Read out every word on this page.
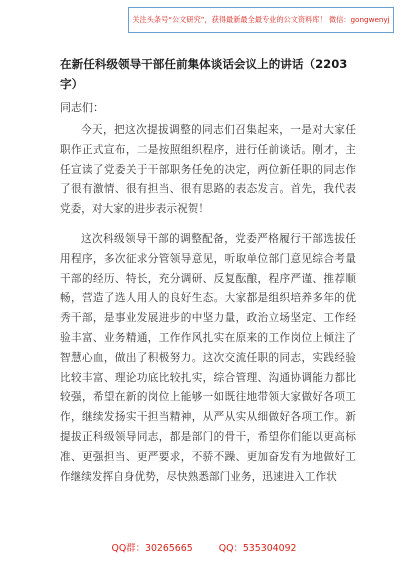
关注头条号“公文研究”，获得最新最全最专业的公文资料库！ 微信：gongwenyj
在新任科级领导干部任前集体谈话会议上的讲话（2203字）

同志们：

今天，把这次提拔调整的同志们召集起来，一是对大家任职作正式宣布，二是按照组织程序，进行任前谈话。刚才，主任宣读了党委关于干部职务任免的决定，两位新任职的同志作了很有激情、很有担当、很有思路的表态发言。首先，我代表党委，对大家的进步表示祝贺！

这次科级领导干部的调整配备，党委严格履行干部选拔任用程序，多次征求分管领导意见，听取单位部门意见综合考量干部的经历、特长，充分调研、反复酝酿，程序严谨、推荐顺畅，营造了选人用人的良好生态。大家都是组织培养多年的优秀干部，是事业发展进步的中坚力量，政治立场坚定、工作经验丰富、业务精通，工作作风扎实在原来的工作岗位上倾注了智慧心血，做出了积极努力。这次交流任职的同志，实践经验比较丰富、理论功底比较扎实，综合管理、沟通协调能力都比较强，希望在新的岗位上能够一如既往地带领大家做好各项工作，继续发扬实干担当精神，从严从实从细做好各项工作。新提拔正科级领导同志，都是部门的骨干，希望你们能以更高标准、更强担当、更严要求，不骄不躁、更加奋发有为地做好工作继续发挥自身优势，尽快熟悉部门业务，迅速进入工作状

QQ群：30265665	QQ：535304092
